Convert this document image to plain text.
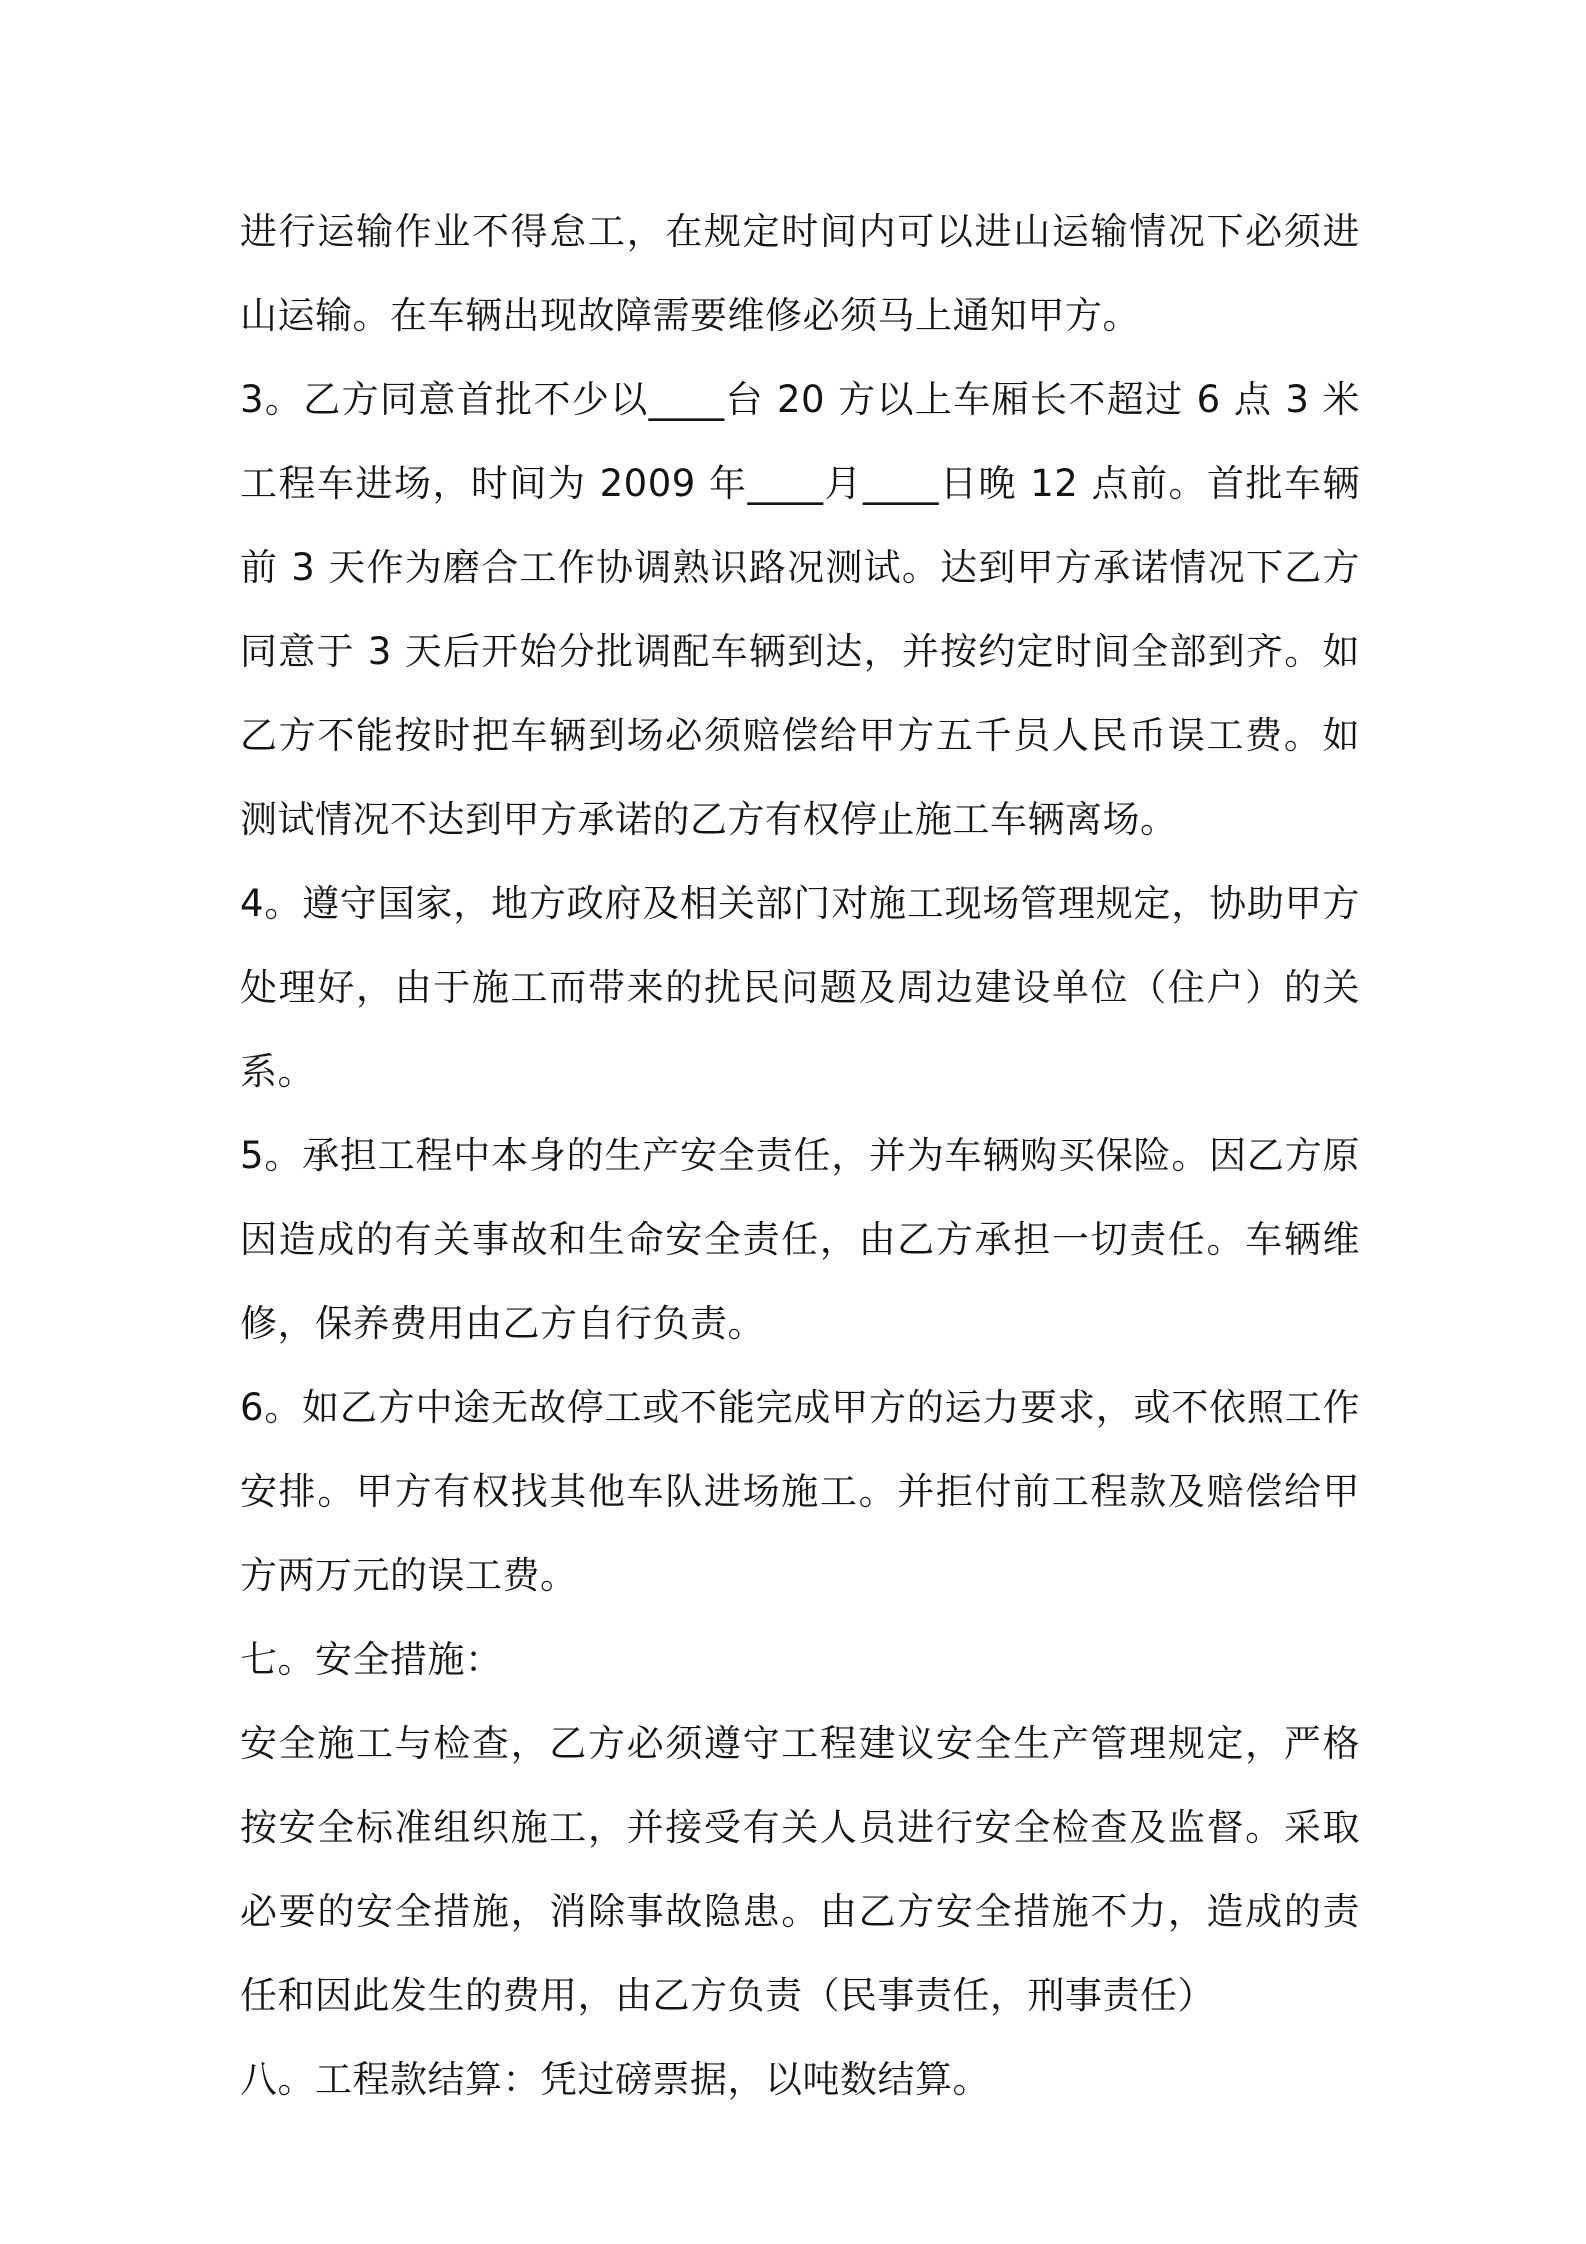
进行运输作业不得怠工，在规定时间内可以进山运输情况下必须进山运输。在车辆出现故障需要维修必须马上通知甲方。

3。乙方同意首批不少以____台 20 方以上车厢长不超过 6 点 3 米工程车进场，时间为 2009 年____月____日晚 12 点前。首批车辆前 3 天作为磨合工作协调熟识路况测试。达到甲方承诺情况下乙方同意于 3 天后开始分批调配车辆到达，并按约定时间全部到齐。如乙方不能按时把车辆到场必须赔偿给甲方五千员人民币误工费。如测试情况不达到甲方承诺的乙方有权停止施工车辆离场。

4。遵守国家，地方政府及相关部门对施工现场管理规定，协助甲方处理好，由于施工而带来的扰民问题及周边建设单位（住户）的关系。

5。承担工程中本身的生产安全责任，并为车辆购买保险。因乙方原因造成的有关事故和生命安全责任，由乙方承担一切责任。车辆维修，保养费用由乙方自行负责。

6。如乙方中途无故停工或不能完成甲方的运力要求，或不依照工作安排。甲方有权找其他车队进场施工。并拒付前工程款及赔偿给甲方两万元的误工费。

七。安全措施：

安全施工与检查，乙方必须遵守工程建议安全生产管理规定，严格按安全标准组织施工，并接受有关人员进行安全检查及监督。采取必要的安全措施，消除事故隐患。由乙方安全措施不力，造成的责任和因此发生的费用，由乙方负责（民事责任，刑事责任）

八。工程款结算：凭过磅票据，以吨数结算。
